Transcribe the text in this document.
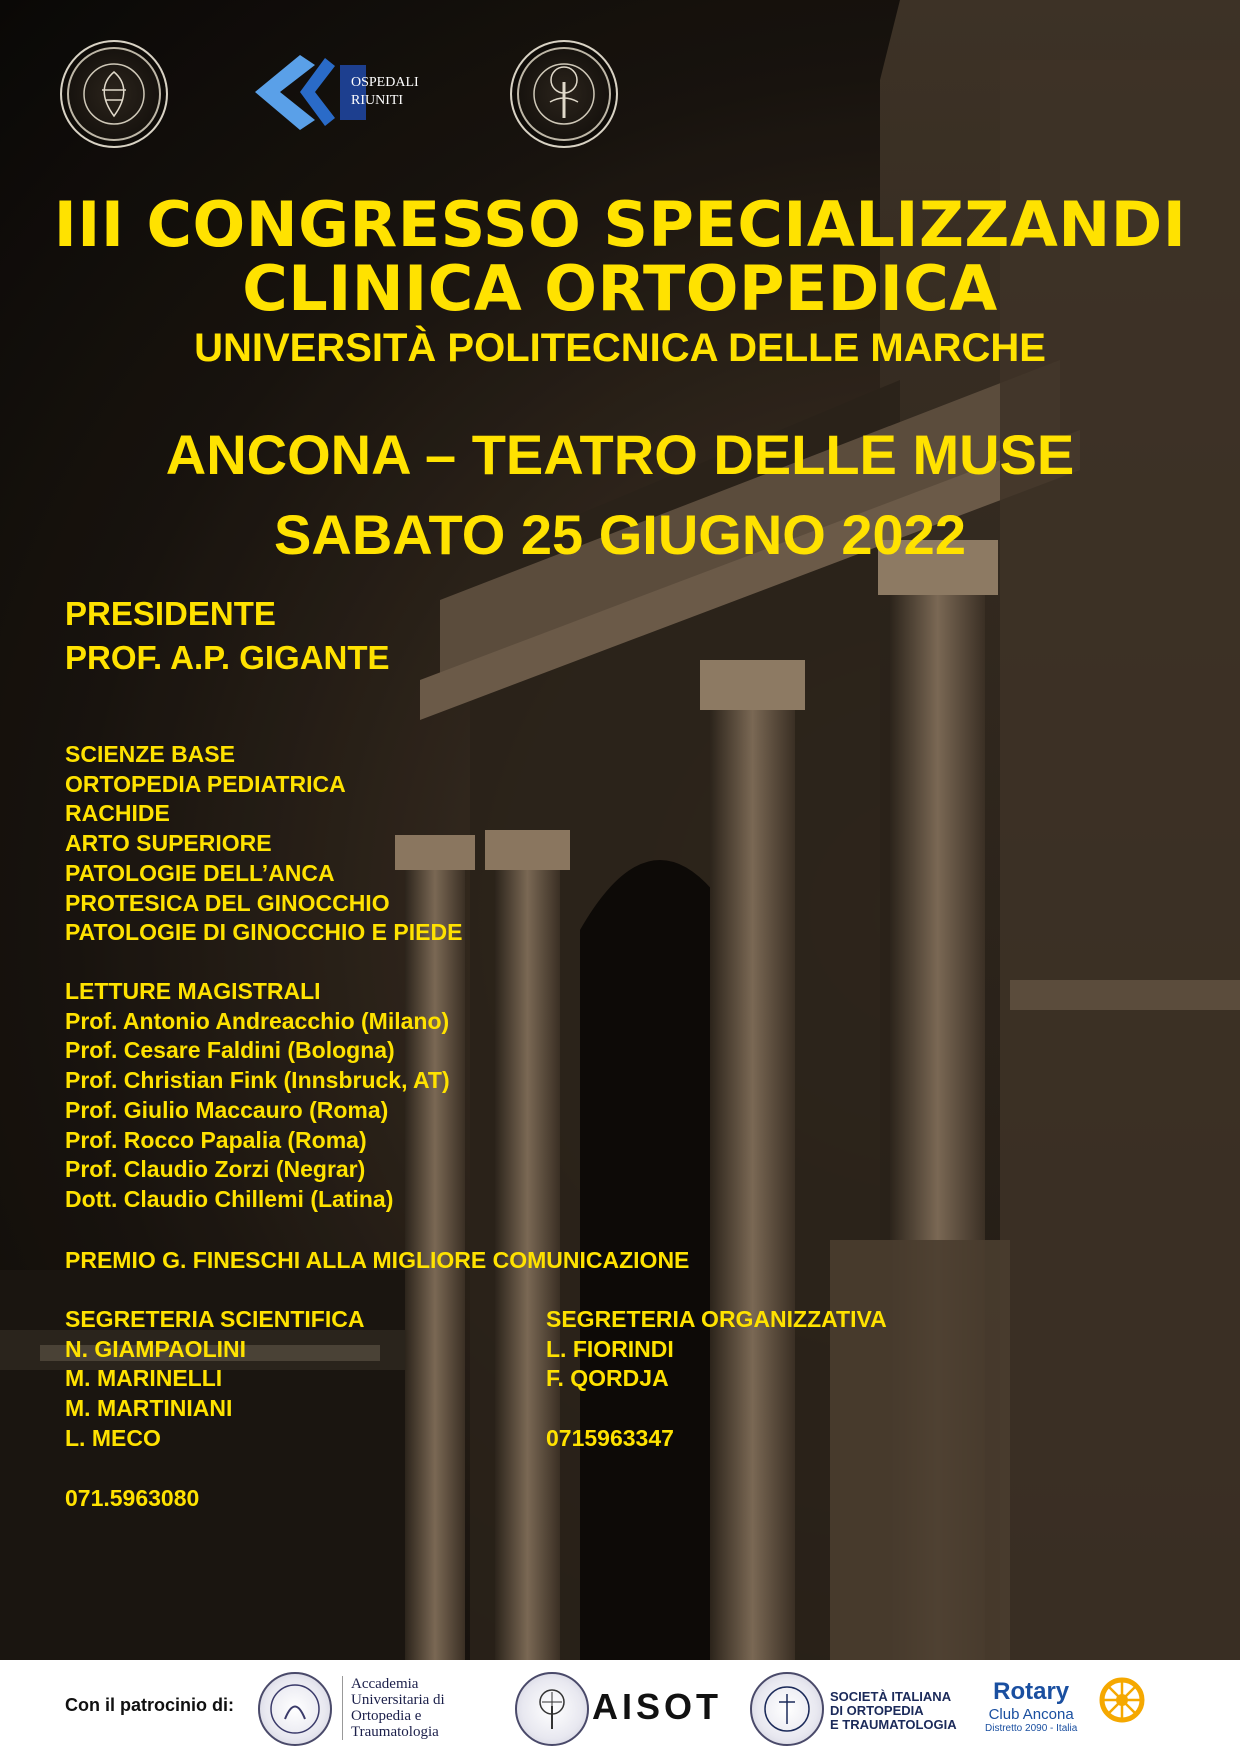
OSPEDALI
RIUNITI
III CONGRESSO SPECIALIZZANDI
CLINICA ORTOPEDICA
UNIVERSITÀ POLITECNICA DELLE MARCHE
ANCONA – TEATRO DELLE MUSE
SABATO 25 GIUGNO 2022
PRESIDENTE
PROF. A.P. GIGANTE
SCIENZE BASE
ORTOPEDIA PEDIATRICA
RACHIDE
ARTO SUPERIORE
PATOLOGIE DELL’ANCA
PROTESICA DEL GINOCCHIO
PATOLOGIE DI GINOCCHIO E PIEDE
LETTURE MAGISTRALI
Prof. Antonio Andreacchio (Milano)
Prof. Cesare Faldini (Bologna)
Prof. Christian Fink (Innsbruck, AT)
Prof. Giulio Maccauro (Roma)
Prof. Rocco Papalia (Roma)
Prof. Claudio Zorzi (Negrar)
Dott. Claudio Chillemi (Latina)
PREMIO G. FINESCHI ALLA MIGLIORE COMUNICAZIONE
SEGRETERIA SCIENTIFICA
N. GIAMPAOLINI
M. MARINELLI
M. MARTINIANI
L. MECO
071.5963080
SEGRETERIA ORGANIZZATIVA
L. FIORINDI
F. QORDJA

0715963347
Con il patrocinio di:
Accademia
Universitaria di
Ortopedia e
Traumatologia
AISOT	SOCIETÀ ITALIANA
DI ORTOPEDIA
E TRAUMATOLOGIA
Rotary
Club Ancona
Distretto 2090 - Italia
